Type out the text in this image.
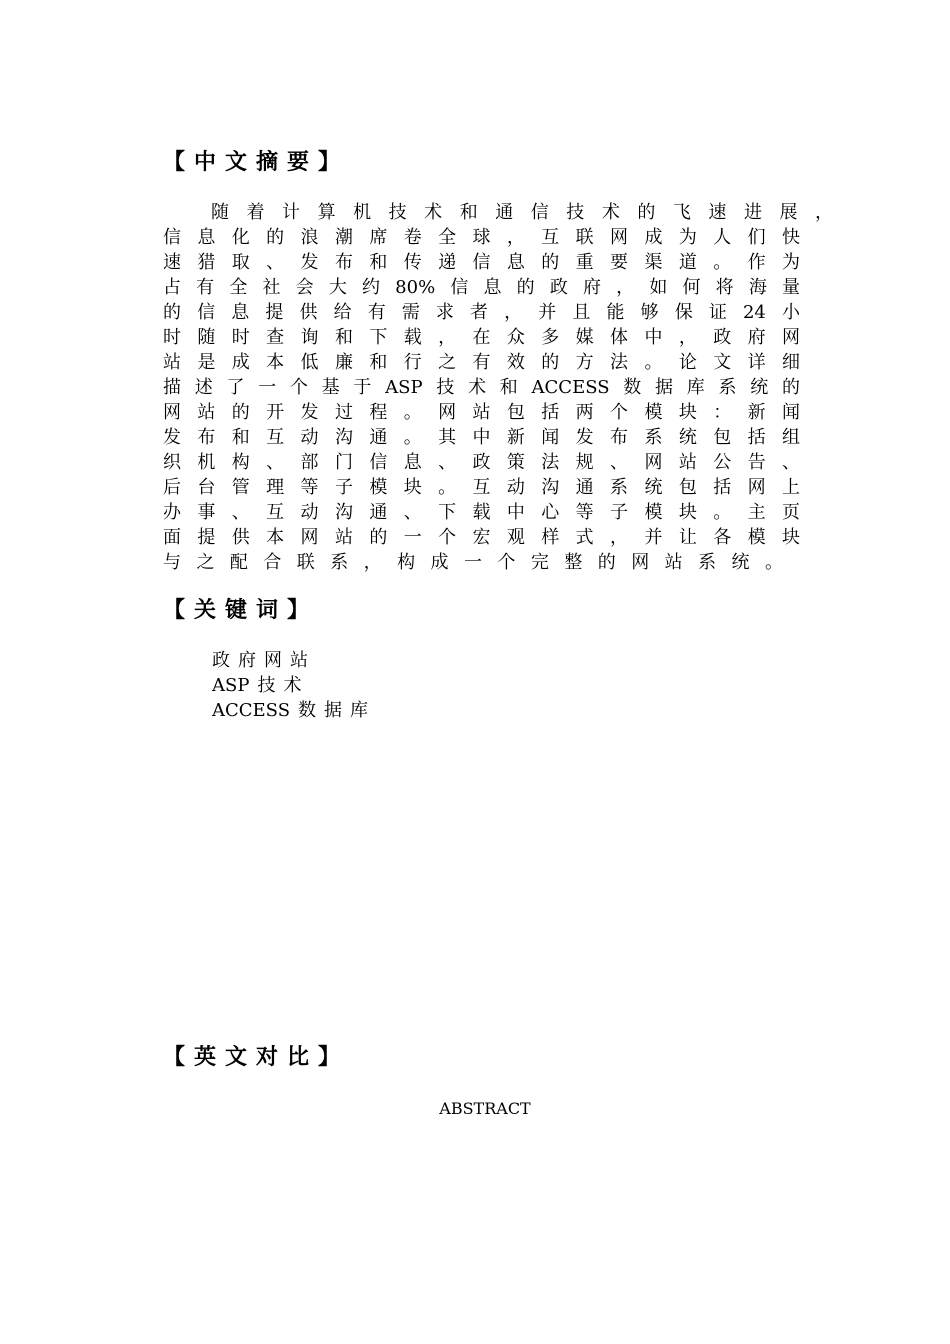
【中文摘要】
随着计算机技术和通信技术的飞速进展，
信息化的浪潮席卷全球，互联网成为人们快
速猎取、发布和传递信息的重要渠道。作为
占有全社会大约80%信息的政府，如何将海量
的信息提供给有需求者，并且能够保证24小
时随时查询和下载，在众多媒体中，政府网
站是成本低廉和行之有效的方法。论文详细
描述了一个基于ASP技术和ACCESS数据库系统的
网站的开发过程。网站包括两个模块：新闻
发布和互动沟通。其中新闻发布系统包括组
织机构、部门信息、政策法规、网站公告、
后台管理等子模块。互动沟通系统包括网上
办事、互动沟通、下载中心等子模块。主页
面提供本网站的一个宏观样式，并让各模块
与之配合联系，构成一个完整的网站系统。
【关键词】
政府网站
ASP 技术
ACCESS 数据库
【英文对比】
ABSTRACT
